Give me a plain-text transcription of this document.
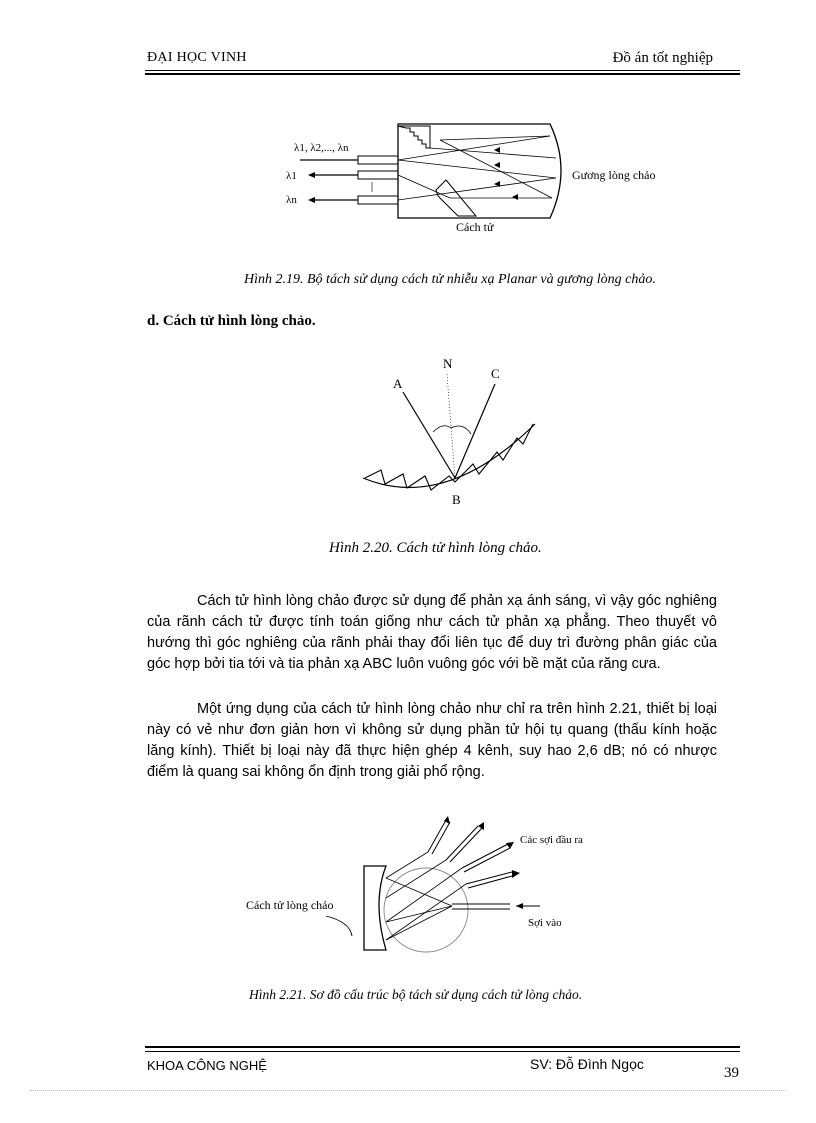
ĐẠI HỌC VINH	Đồ án tốt nghiệp
λ1, λ2,..., λn
λ1
λn
Gương lòng chảo
Cách tử
Hình 2.19. Bộ tách sử dụng cách tử nhiễu xạ Planar và gương lòng chảo.
d. Cách tử hình lòng chảo.
N
A
C
B
Hình 2.20. Cách tử hình lòng chảo.
Cách tử hình lòng chảo được sử dụng để phản xạ ánh sáng, vì vậy góc nghiêng của rãnh cách tử được tính toán giống như cách tử phản xạ phẳng. Theo thuyết vô hướng thì góc nghiêng của rãnh phải thay đổi liên tục để duy trì đường phân giác của góc hợp bởi tia tới và tia phản xạ ABC luôn vuông góc với bề mặt của răng cưa.
Một ứng dụng của cách tử hình lòng chảo như chỉ ra trên hình 2.21, thiết bị loại này có vẻ như đơn giản hơn vì không sử dụng phần tử hội tụ quang (thấu kính hoặc lăng kính). Thiết bị loại này đã thực hiện ghép 4 kênh, suy hao 2,6 dB; nó có nhược điểm là quang sai không ổn định trong giải phổ rộng.
Các sợi đầu ra
Cách tử lòng chảo
Sợi vào
Hình 2.21. Sơ đồ cấu trúc bộ tách sử dụng cách tử lòng chảo.
KHOA CÔNG NGHỆ	SV: Đỗ Đình Ngọc
39
